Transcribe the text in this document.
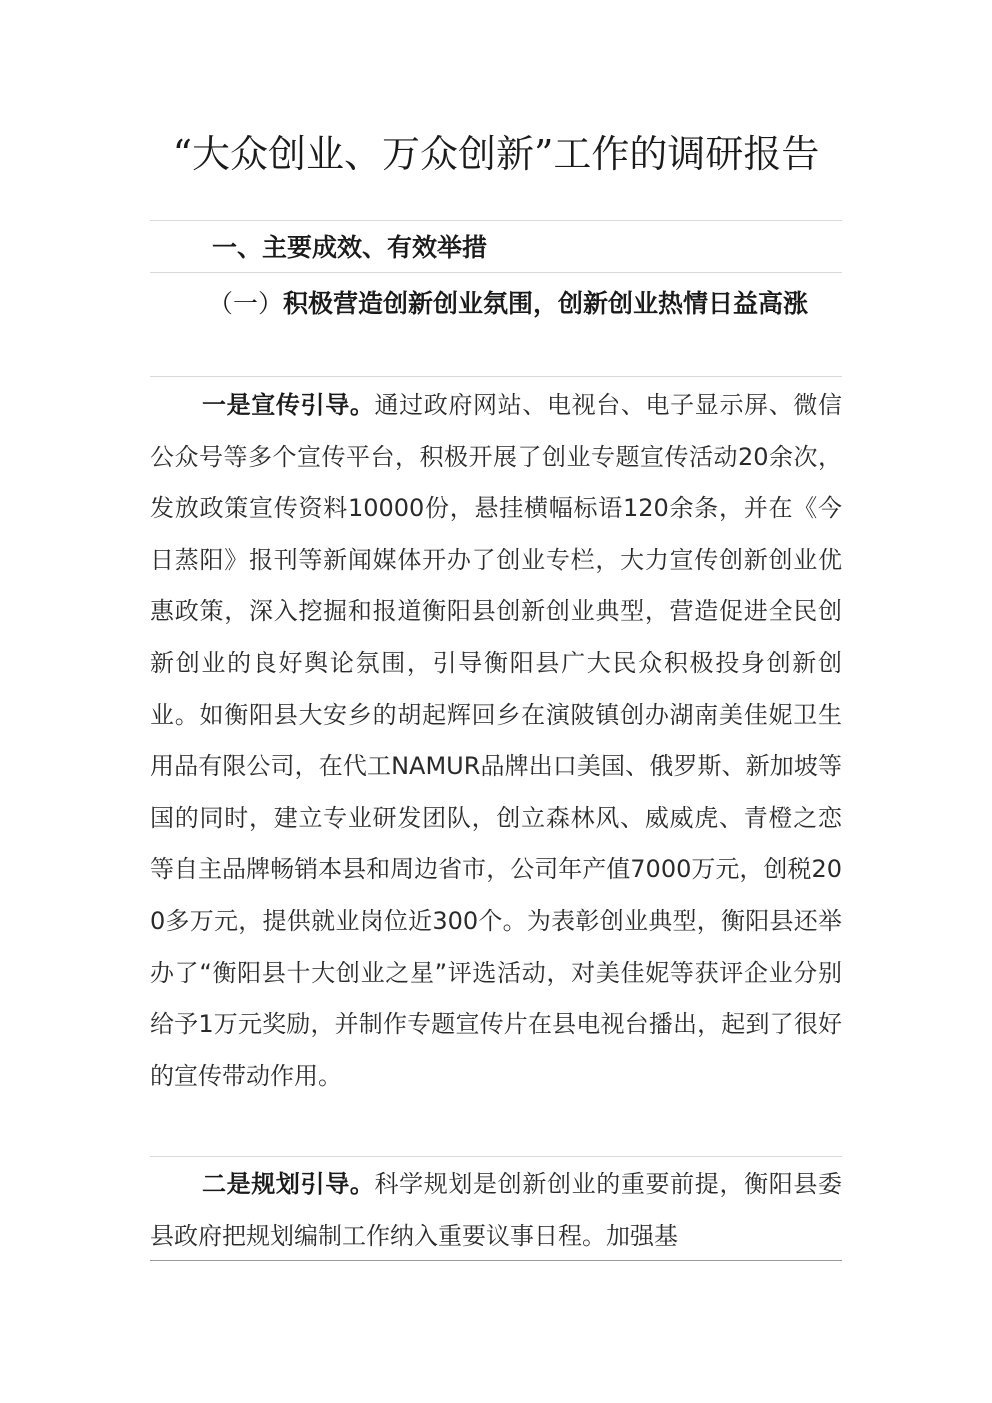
“大众创业、万众创新”工作的调研报告
一、主要成效、有效举措
（一）积极营造创新创业氛围，创新创业热情日益高涨
一是宣传引导。通过政府网站、电视台、电子显示屏、微信公众号等多个宣传平台，积极开展了创业专题宣传活动20余次，发放政策宣传资料10000份，悬挂横幅标语120余条，并在《今日蒸阳》报刊等新闻媒体开办了创业专栏，大力宣传创新创业优惠政策，深入挖掘和报道衡阳县创新创业典型，营造促进全民创新创业的良好舆论氛围，引导衡阳县广大民众积极投身创新创业。如衡阳县大安乡的胡起辉回乡在演陂镇创办湖南美佳妮卫生用品有限公司，在代工NAMUR品牌出口美国、俄罗斯、新加坡等国的同时，建立专业研发团队，创立森林风、威威虎、青橙之恋等自主品牌畅销本县和周边省市，公司年产值7000万元，创税200多万元，提供就业岗位近300个。为表彰创业典型，衡阳县还举办了“衡阳县十大创业之星”评选活动，对美佳妮等获评企业分别给予1万元奖励，并制作专题宣传片在县电视台播出，起到了很好的宣传带动作用。
二是规划引导。科学规划是创新创业的重要前提，衡阳县委县政府把规划编制工作纳入重要议事日程。加强基
